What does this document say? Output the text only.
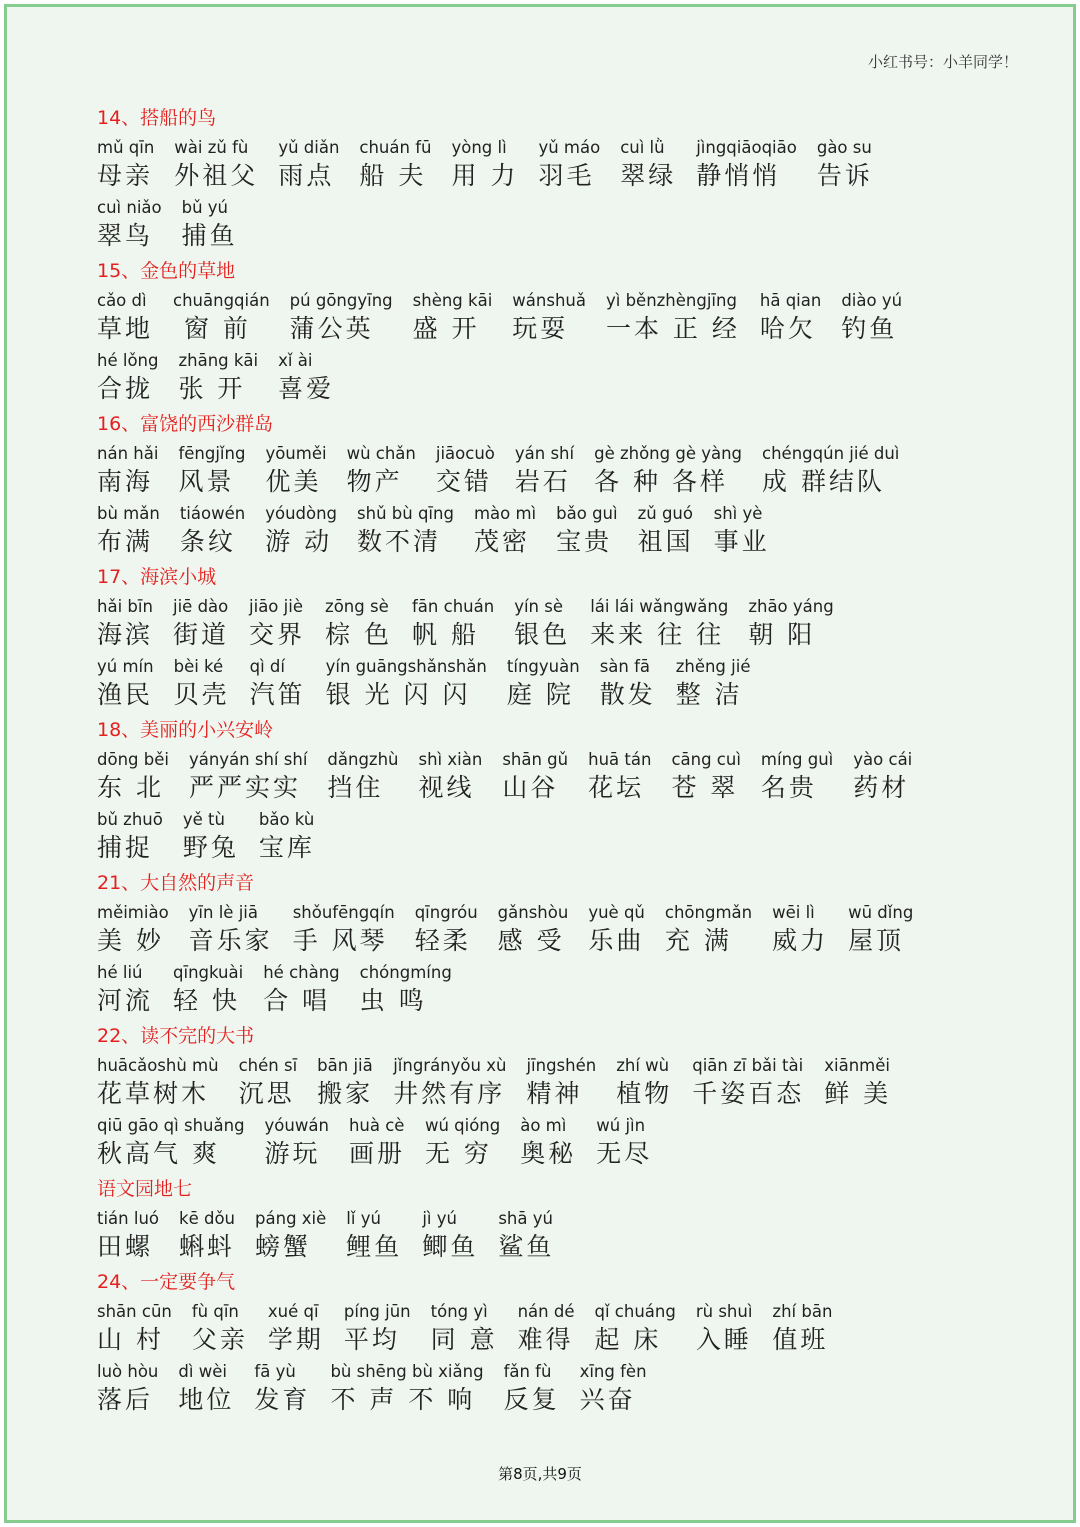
小红书号：小羊同学！
14、搭船的鸟
mǔ qīn
母亲
wài zǔ fù
外祖父
yǔ diǎn
雨点
chuán fū
船 夫
yòng lì
用 力
yǔ máo
羽毛
cuì lǜ
翠绿
jìngqiāoqiāo
静悄悄
gào su
告诉
cuì niǎo
翠鸟
bǔ yú
捕鱼
15、金色的草地
cǎo dì
草地
chuāngqián
窗 前
pú gōngyīng
蒲公英
shèng kāi
盛 开
wánshuǎ
玩耍
yì běnzhèngjīng
一本 正 经
hā qian
哈欠
diào yú
钓鱼
hé lǒng
合拢
zhāng kāi
张 开
xǐ ài
喜爱
16、富饶的西沙群岛
nán hǎi
南海
fēngjǐng
风景
yōuměi
优美
wù chǎn
物产
jiāocuò
交错
yán shí
岩石
gè zhǒng gè yàng
各 种 各样
chéngqún jié duì
成 群结队
bù mǎn
布满
tiáowén
条纹
yóudòng
游 动
shǔ bù qīng
数不清
mào mì
茂密
bǎo guì
宝贵
zǔ guó
祖国
shì yè
事业
17、海滨小城
hǎi bīn
海滨
jiē dào
街道
jiāo jiè
交界
zōng sè
棕 色
fān chuán
帆 船
yín sè
银色
lái lái wǎngwǎng
来来 往 往
zhāo yáng
朝 阳
yú mín
渔民
bèi ké
贝壳
qì dí
汽笛
yín guāngshǎnshǎn
银 光 闪 闪
tíngyuàn
庭 院
sàn fā
散发
zhěng jié
整 洁
18、美丽的小兴安岭
dōng běi
东 北
yányán shí shí
严严实实
dǎngzhù
挡住
shì xiàn
视线
shān gǔ
山谷
huā tán
花坛
cāng cuì
苍 翠
míng guì
名贵
yào cái
药材
bǔ zhuō
捕捉
yě tù
野兔
bǎo kù
宝库
21、大自然的声音
měimiào
美 妙
yīn lè jiā
音乐家
shǒufēngqín
手 风琴
qīngróu
轻柔
gǎnshòu
感 受
yuè qǔ
乐曲
chōngmǎn
充 满
wēi lì
威力
wū dǐng
屋顶
hé liú
河流
qīngkuài
轻 快
hé chàng
合 唱
chóngmíng
虫 鸣
22、读不完的大书
huācǎoshù mù
花草树木
chén sī
沉思
bān jiā
搬家
jǐngrányǒu xù
井然有序
jīngshén
精神
zhí wù
植物
qiān zī bǎi tài
千姿百态
xiānměi
鲜 美
qiū gāo qì shuǎng
秋高气 爽
yóuwán
游玩
huà cè
画册
wú qióng
无 穷
ào mì
奥秘
wú jìn
无尽
语文园地七
tián luó
田螺
kē dǒu
蝌蚪
páng xiè
螃蟹
lǐ yú
鲤鱼
jì yú
鲫鱼
shā yú
鲨鱼
24、一定要争气
shān cūn
山 村
fù qīn
父亲
xué qī
学期
píng jūn
平均
tóng yì
同 意
nán dé
难得
qǐ chuáng
起 床
rù shuì
入睡
zhí bān
值班
luò hòu
落后
dì wèi
地位
fā yù
发育
bù shēng bù xiǎng
不 声 不 响
fǎn fù
反复
xīng fèn
兴奋
第8页,共9页
